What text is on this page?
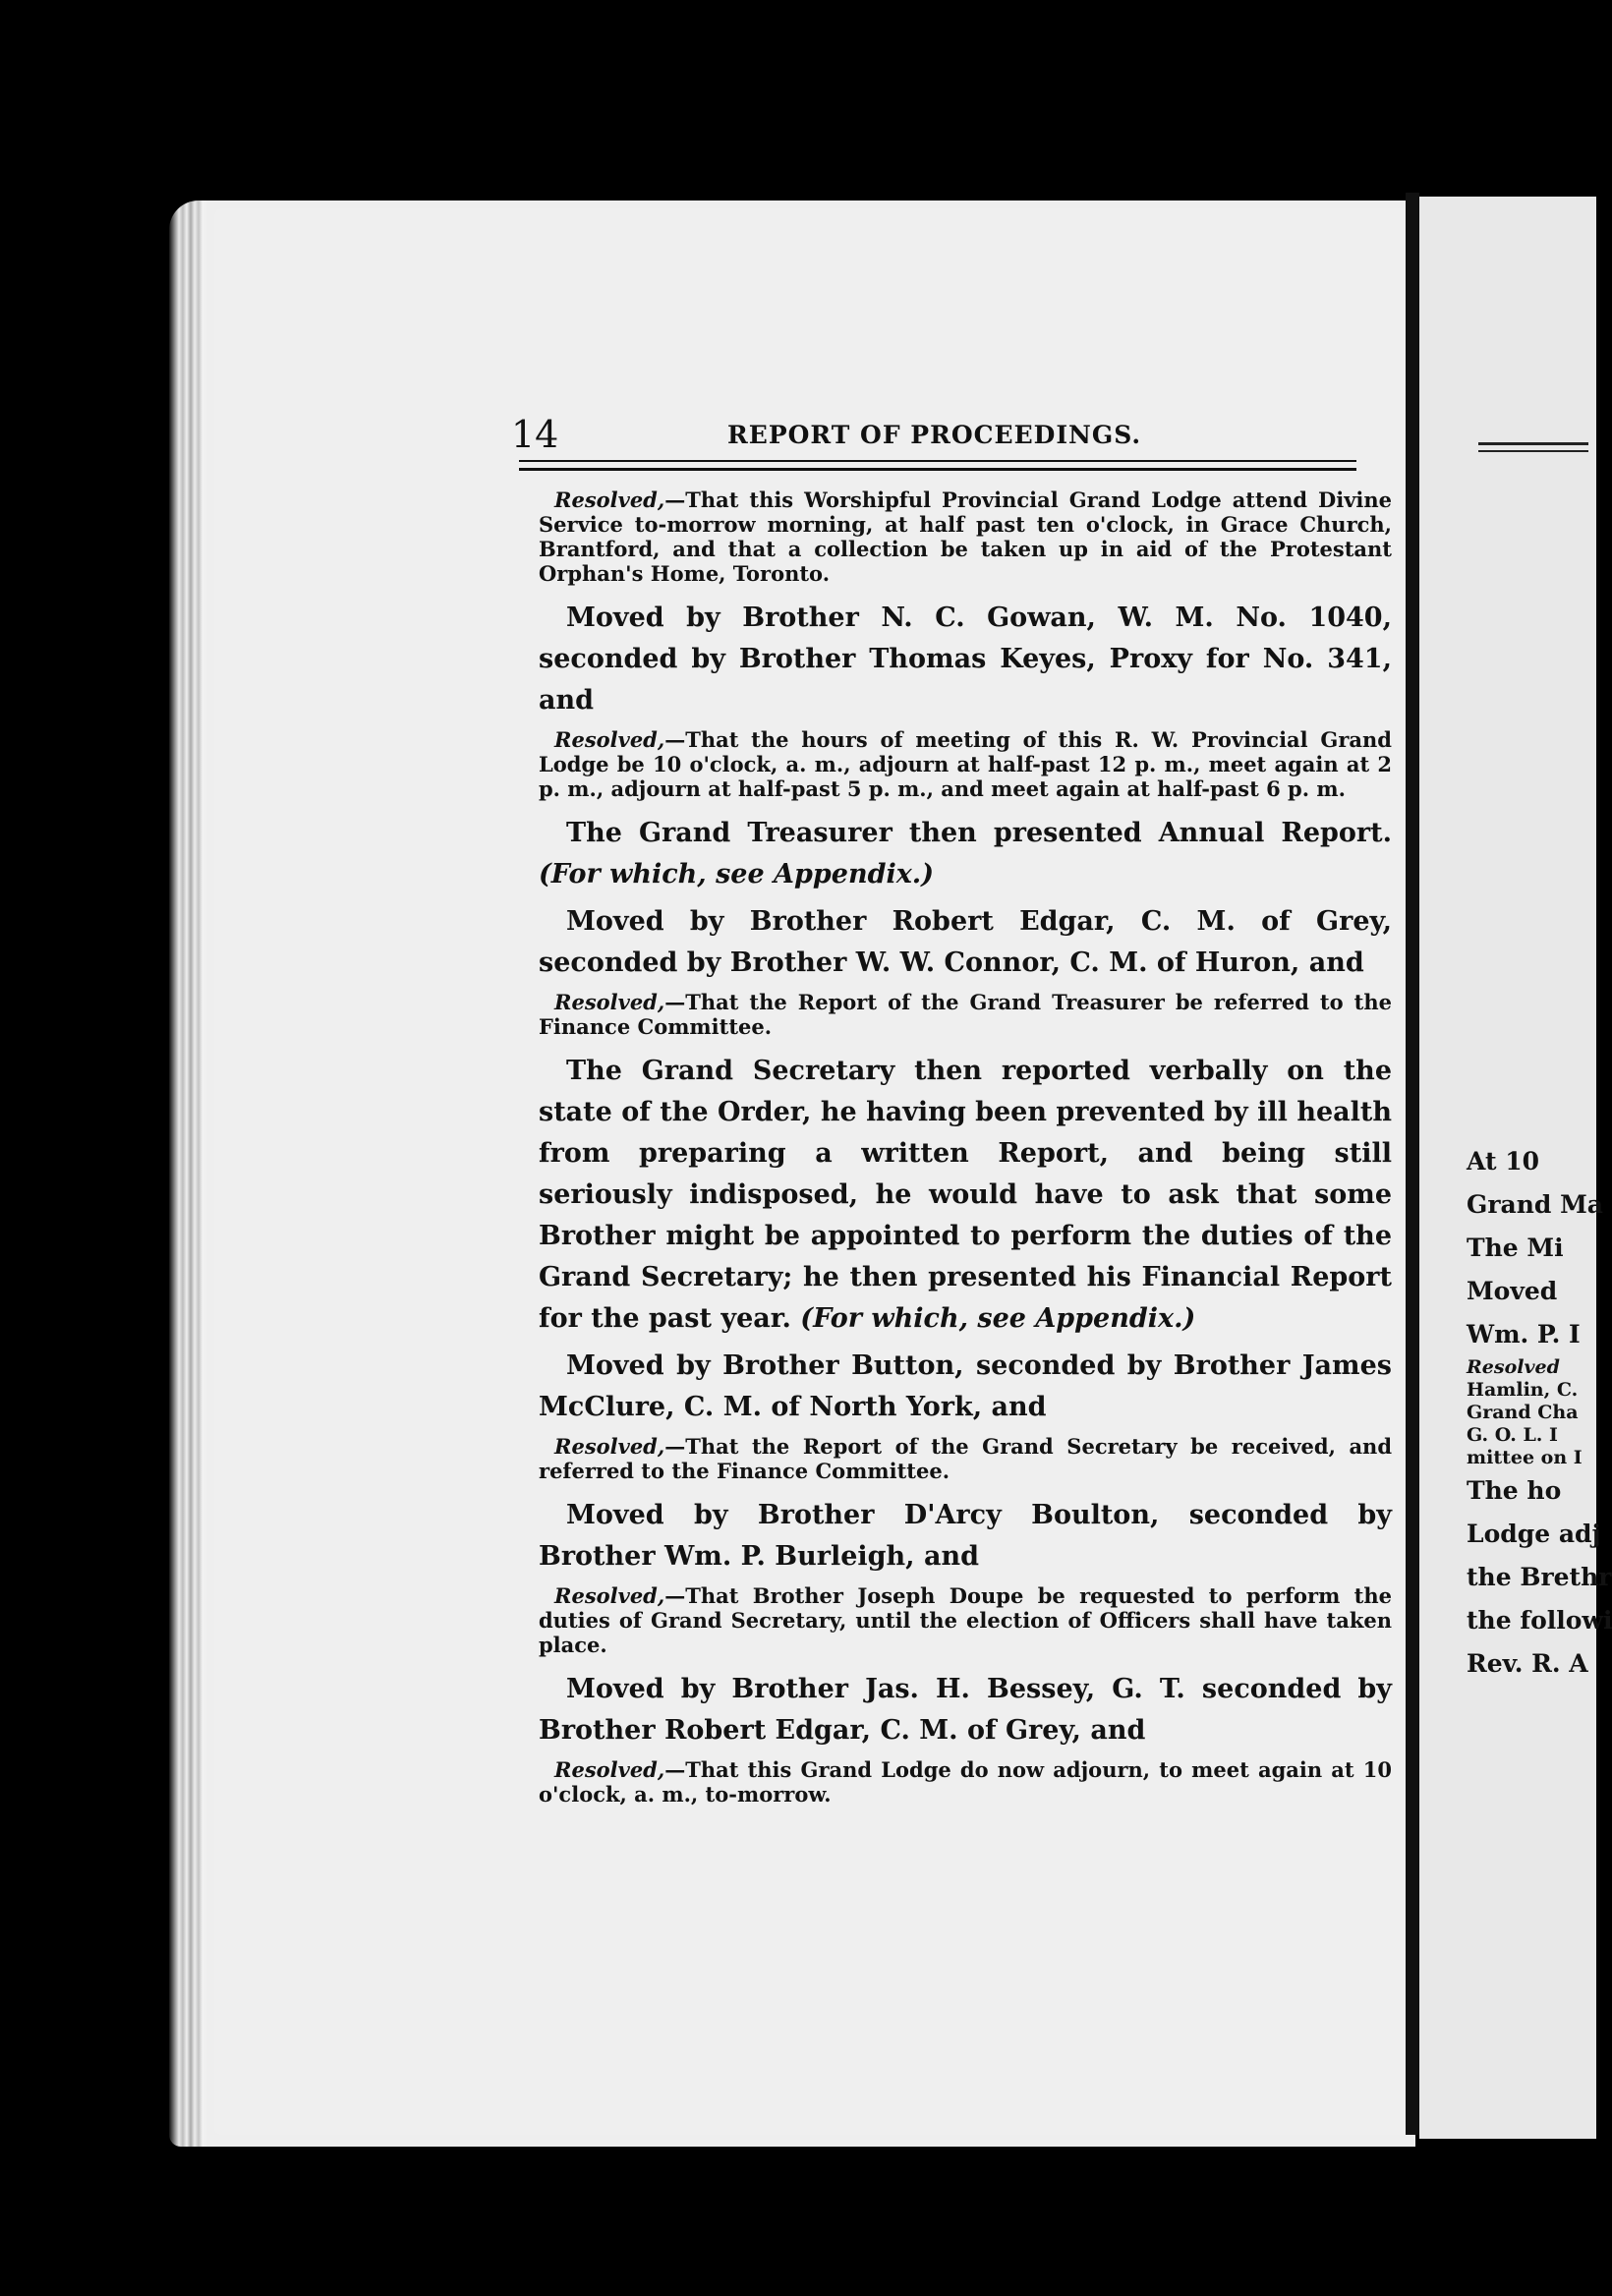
14	REPORT OF PROCEEDINGS.

Resolved,—That this Worshipful Provincial Grand Lodge attend Divine Service to-morrow morning, at half past ten o'clock, in Grace Church, Brantford, and that a collection be taken up in aid of the Protestant Orphan's Home, Toronto.

Moved by Brother N. C. Gowan, W. M. No. 1040, seconded by Brother Thomas Keyes, Proxy for No. 341, and

Resolved,—That the hours of meeting of this R. W. Provincial Grand Lodge be 10 o'clock, a. m., adjourn at half-past 12 p. m., meet again at 2 p. m., adjourn at half-past 5 p. m., and meet again at half-past 6 p. m.

The Grand Treasurer then presented Annual Report. (For which, see Appendix.)

Moved by Brother Robert Edgar, C. M. of Grey, seconded by Brother W. W. Connor, C. M. of Huron, and

Resolved,—That the Report of the Grand Treasurer be referred to the Finance Committee.

The Grand Secretary then reported verbally on the state of the Order, he having been prevented by ill health from preparing a written Report, and being still seriously indisposed, he would have to ask that some Brother might be appointed to perform the duties of the Grand Secretary; he then presented his Financial Report for the past year. (For which, see Appendix.)

Moved by Brother Button, seconded by Brother James McClure, C. M. of North York, and

Resolved,—That the Report of the Grand Secretary be received, and referred to the Finance Committee.

Moved by Brother D'Arcy Boulton, seconded by Brother Wm. P. Burleigh, and

Resolved,—That Brother Joseph Doupe be requested to perform the duties of Grand Secretary, until the election of Officers shall have taken place.

Moved by Brother Jas. H. Bessey, G. T. seconded by Brother Robert Edgar, C. M. of Grey, and

Resolved,—That this Grand Lodge do now adjourn, to meet again at 10 o'clock, a. m., to-morrow.

At 10
Grand Ma
The Mi
Moved
Wm. P. I
Resolved
Hamlin, C.
Grand Cha
G. O. L. I
mittee on I
The ho
Lodge adj
the Brethr
the followi
Rev. R. A
